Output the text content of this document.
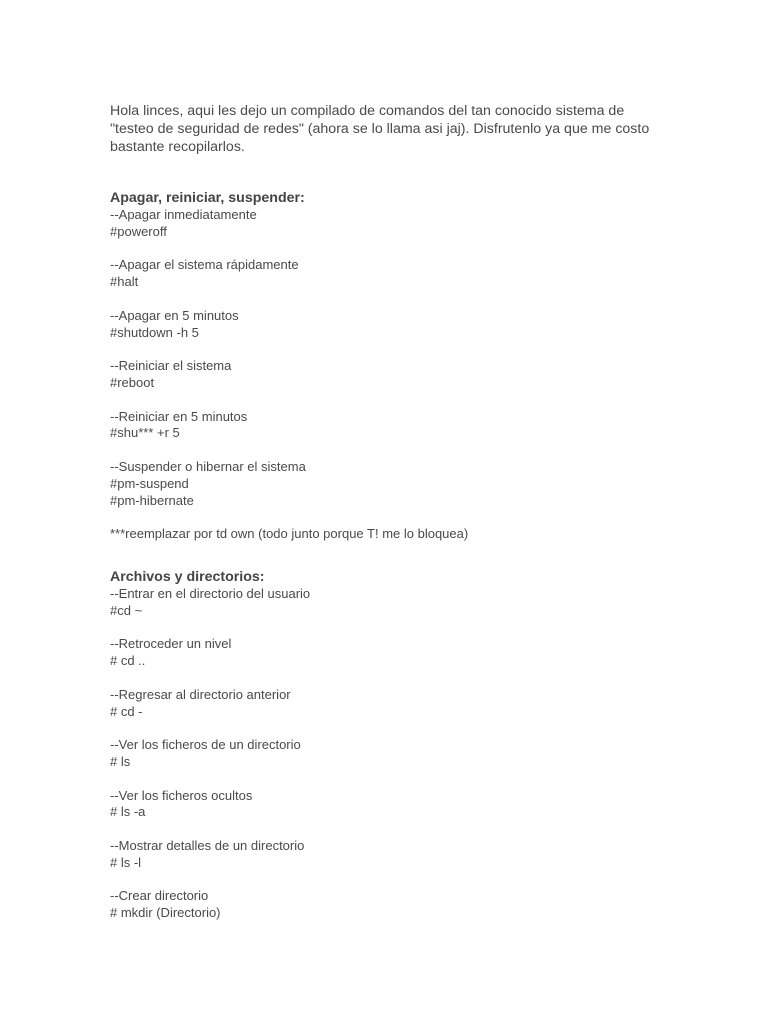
Hola linces, aqui les dejo un compilado de comandos del tan conocido sistema de "testeo de seguridad de redes" (ahora se lo llama asi jaj). Disfrutenlo ya que me costo bastante recopilarlos.

Apagar, reiniciar, suspender:

--Apagar inmediatamente

#poweroff

--Apagar el sistema rápidamente

#halt

--Apagar en 5 minutos

#shutdown -h 5

--Reiniciar el sistema

#reboot

--Reiniciar en 5 minutos

#shu*** +r 5

--Suspender o hibernar el sistema

#pm-suspend

#pm-hibernate

***reemplazar por td own (todo junto porque T! me lo bloquea)

Archivos y directorios:

--Entrar en el directorio del usuario

#cd ~

--Retroceder un nivel

# cd ..

--Regresar al directorio anterior

# cd -

--Ver los ficheros de un directorio

# ls

--Ver los ficheros ocultos

# ls -a

--Mostrar detalles de un directorio

# ls -l

--Crear directorio

# mkdir (Directorio)
